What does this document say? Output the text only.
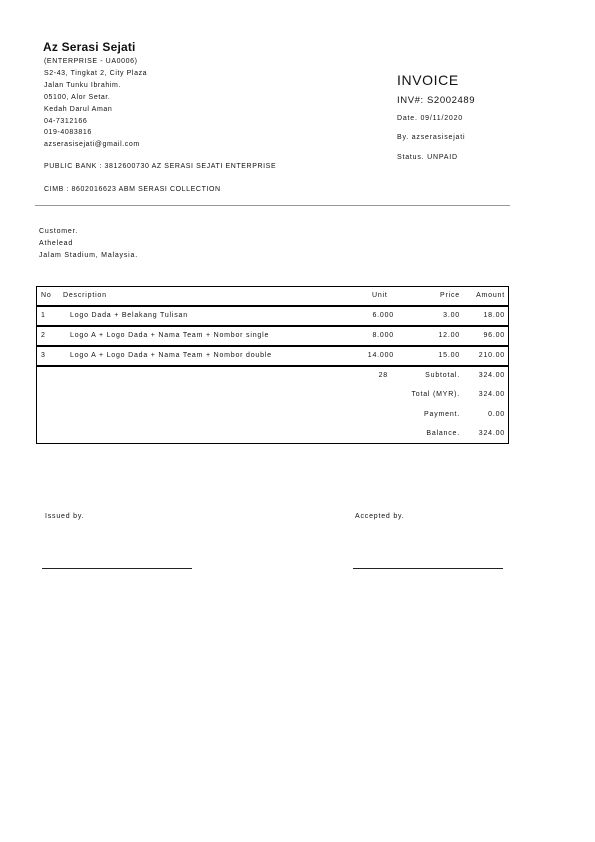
Az Serasi Sejati
(ENTERPRISE - UA0006)
S2-43, Tingkat 2, City Plaza
Jalan Tunku Ibrahim.
05100, Alor Setar.
Kedah Darul Aman
04-7312166
019-4083816
azserasisejati@gmail.com
PUBLIC BANK : 3812600730 AZ SERASI SEJATI ENTERPRISE
CIMB : 8602016623 ABM SERASI COLLECTION
INVOICE
INV#: S2002489
Date. 09/11/2020
By. azserasisejati
Status. UNPAID
Customer.
Athelead
Jalam Stadium, Malaysia.
No Description	Unit	Price	Amount
1	Logo Dada + Belakang Tulisan	6.000	3.00	18.00
2	Logo A + Logo Dada + Nama Team + Nombor single	8.000	12.00	96.00
3	Logo A + Logo Dada + Nama Team + Nombor double	14.000	15.00	210.00
28	Subtotal.	324.00
Total (MYR).	324.00
Payment.	0.00
Balance.	324.00
Issued by.	Accepted by.
